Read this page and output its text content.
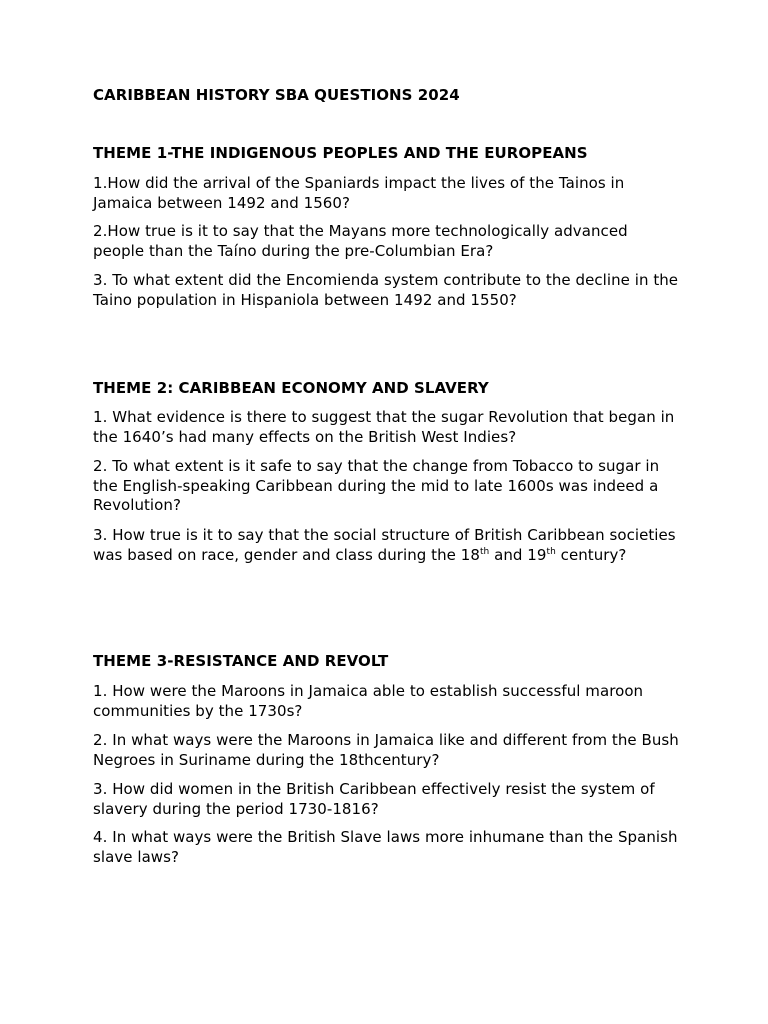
CARIBBEAN HISTORY SBA QUESTIONS 2024

THEME 1-THE INDIGENOUS PEOPLES AND THE EUROPEANS

1.How did the arrival of the Spaniards impact the lives of the Tainos in Jamaica between 1492 and 1560?

2.How true is it to say that the Mayans more technologically advanced people than the Taíno during the pre-Columbian Era?

3. To what extent did the Encomienda system contribute to the decline in the Taino population in Hispaniola between 1492 and 1550?

THEME 2: CARIBBEAN ECONOMY AND SLAVERY

1. What evidence is there to suggest that the sugar Revolution that began in the 1640’s had many effects on the British West Indies?

2. To what extent is it safe to say that the change from Tobacco to sugar in the English-speaking Caribbean during the mid to late 1600s was indeed a Revolution?

3. How true is it to say that the social structure of British Caribbean societies was based on race, gender and class during the 18th and 19th century?

THEME 3-RESISTANCE AND REVOLT

1. How were the Maroons in Jamaica able to establish successful maroon communities by the 1730s?

2. In what ways were the Maroons in Jamaica like and different from the Bush Negroes in Suriname during the 18thcentury?

3. How did women in the British Caribbean effectively resist the system of slavery during the period 1730-1816?

4. In what ways were the British Slave laws more inhumane than the Spanish slave laws?
